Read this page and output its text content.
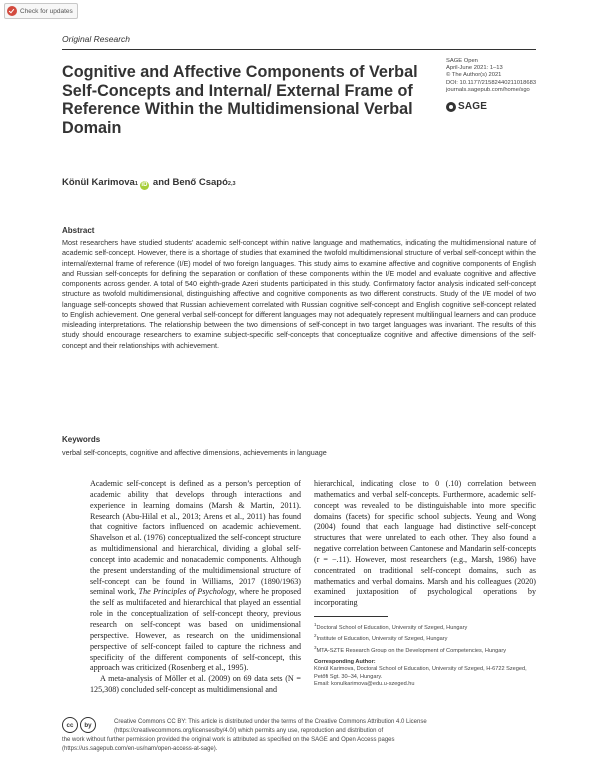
Check for updates
Original Research
Cognitive and Affective Components of Verbal Self-Concepts and Internal/ External Frame of Reference Within the Multidimensional Verbal Domain
SAGE Open
April-June 2021: 1–13
© The Author(s) 2021
DOI: 10.1177/21582440211018683
journals.sagepub.com/home/sgo
SAGE
Könül Karimova 1 iD and
Benő Csapó 2,3
Abstract
Most researchers have studied students’ academic self-concept within native language and mathematics, indicating the multidimensional nature of academic self-concept. However, there is a shortage of studies that examined the twofold multidimensional structure of verbal self-concept within the internal/external frame of reference (I/E) model of two foreign languages. This study aims to examine affective and cognitive components of English and Russian self-concepts for defining the separation or conflation of these components within the I/E model and evaluate cognitive and affective components across gender. A total of 540 eighth-grade Azeri students participated in this study. Confirmatory factor analysis indicated self-concept structure as twofold multidimensional, distinguishing affective and cognitive components as two different constructs. Study of the I/E model of two language self-concepts showed that Russian achievement correlated with Russian cognitive self-concept and English cognitive self-concept related to English achievement. One general verbal self-concept for different languages may not adequately represent multilingual learners and can produce misleading interpretations. The relationship between the two dimensions of self-concept in two target languages was invariant. The results of this study should encourage researchers to examine subject-specific self-concepts that conceptualize cognitive and affective dimensions of the self-concept and their relationships with achievement.
Keywords
verbal self-concepts, cognitive and affective dimensions, achievements in language

Academic self-concept is defined as a person’s perception of academic ability that develops through interactions and experience in learning domains (Marsh & Martin, 2011). Research (Abu-Hilal et al., 2013; Arens et al., 2011) has found that cognitive factors influenced on academic achievement. Shavelson et al. (1976) conceptualized the self-concept structure as multidimensional and hierarchical, dividing a global self-concept into academic and nonacademic components. Although the present understanding of the multidimensional structure of self-concept can be found in Williams, 2017 (1890/1963) seminal work, The Principles of Psychology, where he proposed the self as multifaceted and hierarchical that played an essential role in the conceptualization of self-concept theory, previous research on self-concept was based on unidimensional perspective. However, as research on the unidimensional perspective of self-concept failed to capture the richness and specificity of the different components of self-concept, this approach was criticized (Rosenberg et al., 1995).

A meta-analysis of Möller et al. (2009) on 69 data sets (N = 125,308) concluded self-concept as multidimensional and

hierarchical, indicating close to 0 (.10) correlation between mathematics and verbal self-concepts. Furthermore, academic self-concept was revealed to be distinguishable into more specific domains (facets) for specific school subjects. Yeung and Wong (2004) found that each language had distinctive self-concept structures that were unrelated to each other. They also found a negative correlation between Cantonese and Mandarin self-concepts (r = −.11). However, most researchers (e.g., Marsh, 1986) have concentrated on traditional self-concept domains, such as mathematics and verbal domains. Marsh and his colleagues (2020) examined juxtaposition of psychological operations by incorporating

$^1$Doctoral School of Education, University of Szeged, Hungary
$^2$Institute of Education, University of Szeged, Hungary
$^3$MTA-SZTE Research Group on the Development of Competencies, Hungary
Corresponding Author:
Könül Karimova, Doctoral School of Education, University of Szeged, H-6722 Szeged, Petőfi Sgt. 30–34, Hungary.
Email: konulkarimova@edu.u-szeged.hu
cc	by	Creative Commons CC BY: This article is distributed under the terms of the Creative Commons Attribution 4.0 License
(https://creativecommons.org/licenses/by/4.0/) which permits any use, reproduction and distribution of
the work without further permission provided the original work is attributed as specified on the SAGE and Open Access pages
(https://us.sagepub.com/en-us/nam/open-access-at-sage).
